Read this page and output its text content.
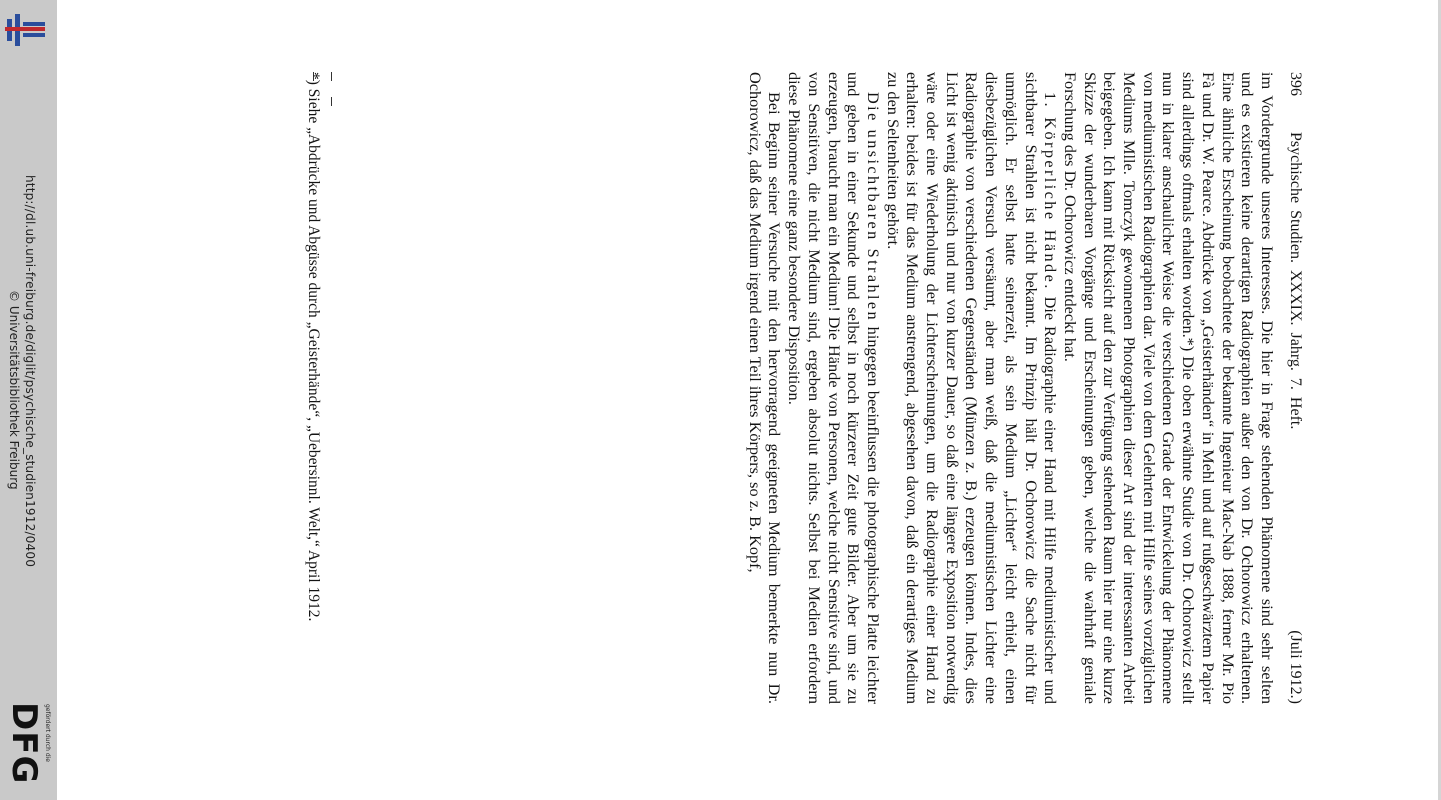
http://dl.ub.uni-freiburg.de/diglit/psychische_studien1912/0400
© Universitätsbibliothek Freiburg
gefördert durch die
DFG
396
Psychische Studien. XXXIX. Jahrg. 7. Heft.
(Juli 1912.)

im Vordergrunde unseres Interesses. Die hier in Frage stehenden Phänomene sind sehr selten und es existieren keine derartigen Radiographien außer den von Dr. Ochorowicz erhaltenen. Eine ähnliche Erscheinung beobachtete der bekannte Ingenieur Mac-Nab 1888, ferner Mr. Pio Fà und Dr. W. Pearce. Abdrücke von „Geisterhänden“ in Mehl und auf rußgeschwärztem Papier sind allerdings oftmals erhalten worden.*) Die oben erwähnte Studie von Dr. Ochorowicz stellt nun in klarer anschaulicher Weise die verschiedenen Grade der Entwickelung der Phänomene von mediumistischen Radiographien dar. Viele von dem Gelehrten mit Hilfe seines vorzüglichen Mediums Mlle. Tomczyk gewonnenen Photographien dieser Art sind der interessanten Arbeit beigegeben. Ich kann mit Rücksicht auf den zur Verfügung stehenden Raum hier nur eine kurze Skizze der wunderbaren Vorgänge und Erscheinungen geben, welche die wahrhaft geniale Forschung des Dr. Ochorowicz entdeckt hat.

1. Körperliche Hände. Die Radiographie einer Hand mit Hilfe mediumistischer und sichtbarer Strahlen ist nicht bekannt. Im Prinzip hält Dr. Ochorowicz die Sache nicht für unmöglich. Er selbst hatte seinerzeit, als sein Medium „Lichter“ leicht erhielt, einen diesbezüglichen Versuch versäumt, aber man weiß, daß die mediumistischen Lichter eine Radiographie von verschiedenen Gegenständen (Münzen z. B.) erzeugen können. Indes, dies Licht ist wenig aktinisch und nur von kurzer Dauer, so daß eine längere Exposition notwendig wäre oder eine Wiederholung der Lichterscheinungen, um die Radiographie einer Hand zu erhalten: beides ist für das Medium anstrengend, abgesehen davon, daß ein derartiges Medium zu den Seltenheiten gehört.

Die unsichtbaren Strahlen hingegen beeinflussen die photographische Platte leichter und geben in einer Sekunde und selbst in noch kürzerer Zeit gute Bilder. Aber um sie zu erzeugen, braucht man ein Medium! Die Hände von Personen, welche nicht Sensitive sind, und von Sensitiven, die nicht Medium sind, ergeben absolut nichts. Selbst bei Medien erfordern diese Phänomene eine ganz besondere Disposition.

Bei Beginn seiner Versuche mit den hervorragend geeigneten Medium bemerkte nun Dr. Ochorowicz, daß das Medium irgend einen Teil ihres Körpers, so z. B. Kopf,

*) Siehe „Abdrücke und Abgüsse durch „Geisterhände“, „Uebersinnl. Welt,“ April 1912.
